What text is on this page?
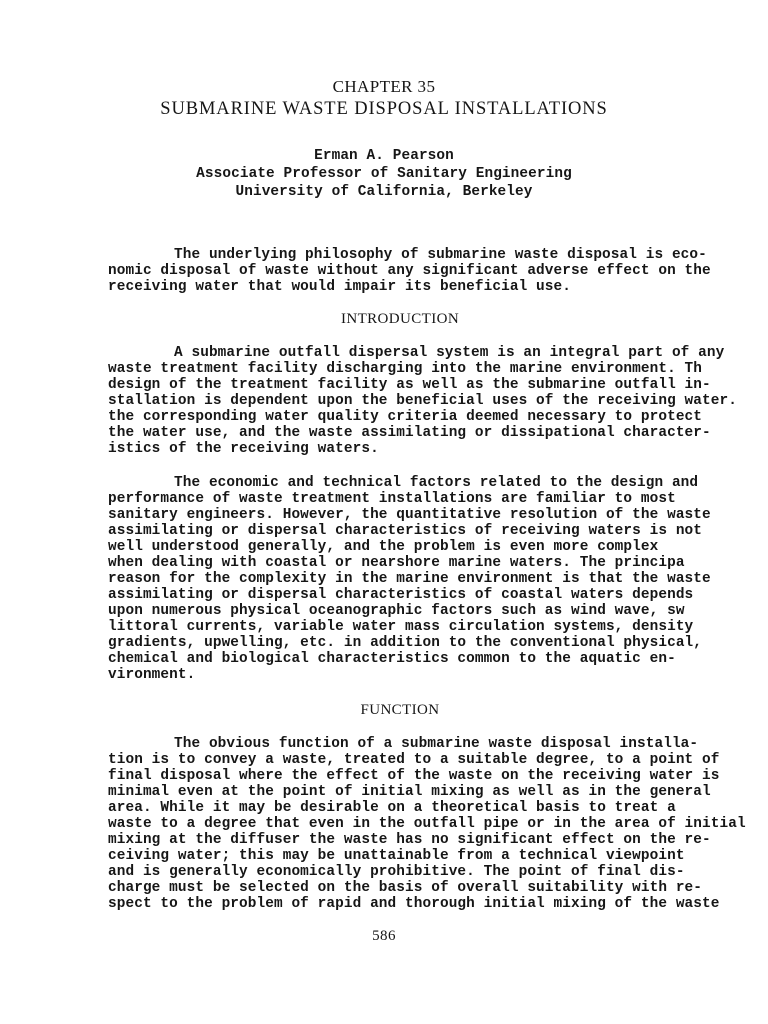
CHAPTER 35
SUBMARINE WASTE DISPOSAL INSTALLATIONS
Erman A. Pearson
Associate Professor of Sanitary Engineering
University of California, Berkeley
The underlying philosophy of submarine waste disposal is eco-
nomic disposal of waste without any significant adverse effect on the
receiving water that would impair its beneficial use.
INTRODUCTION
A submarine outfall dispersal system is an integral part of any
waste treatment facility discharging into the marine environment. Th
design of the treatment facility as well as the submarine outfall in-
stallation is dependent upon the beneficial uses of the receiving water.
the corresponding water quality criteria deemed necessary to protect
the water use, and the waste assimilating or dissipational character-
istics of the receiving waters.
The economic and technical factors related to the design and
performance of waste treatment installations are familiar to most
sanitary engineers. However, the quantitative resolution of the waste
assimilating or dispersal characteristics of receiving waters is not
well understood generally, and the problem is even more complex
when dealing with coastal or nearshore marine waters. The principa
reason for the complexity in the marine environment is that the waste
assimilating or dispersal characteristics of coastal waters depends
upon numerous physical oceanographic factors such as wind wave, sw
littoral currents, variable water mass circulation systems, density
gradients, upwelling, etc. in addition to the conventional physical,
chemical and biological characteristics common to the aquatic en-
vironment.
FUNCTION
The obvious function of a submarine waste disposal installa-
tion is to convey a waste, treated to a suitable degree, to a point of
final disposal where the effect of the waste on the receiving water is
minimal even at the point of initial mixing as well as in the general
area. While it may be desirable on a theoretical basis to treat a
waste to a degree that even in the outfall pipe or in the area of initial
mixing at the diffuser the waste has no significant effect on the re-
ceiving water; this may be unattainable from a technical viewpoint
and is generally economically prohibitive. The point of final dis-
charge must be selected on the basis of overall suitability with re-
spect to the problem of rapid and thorough initial mixing of the waste
586
